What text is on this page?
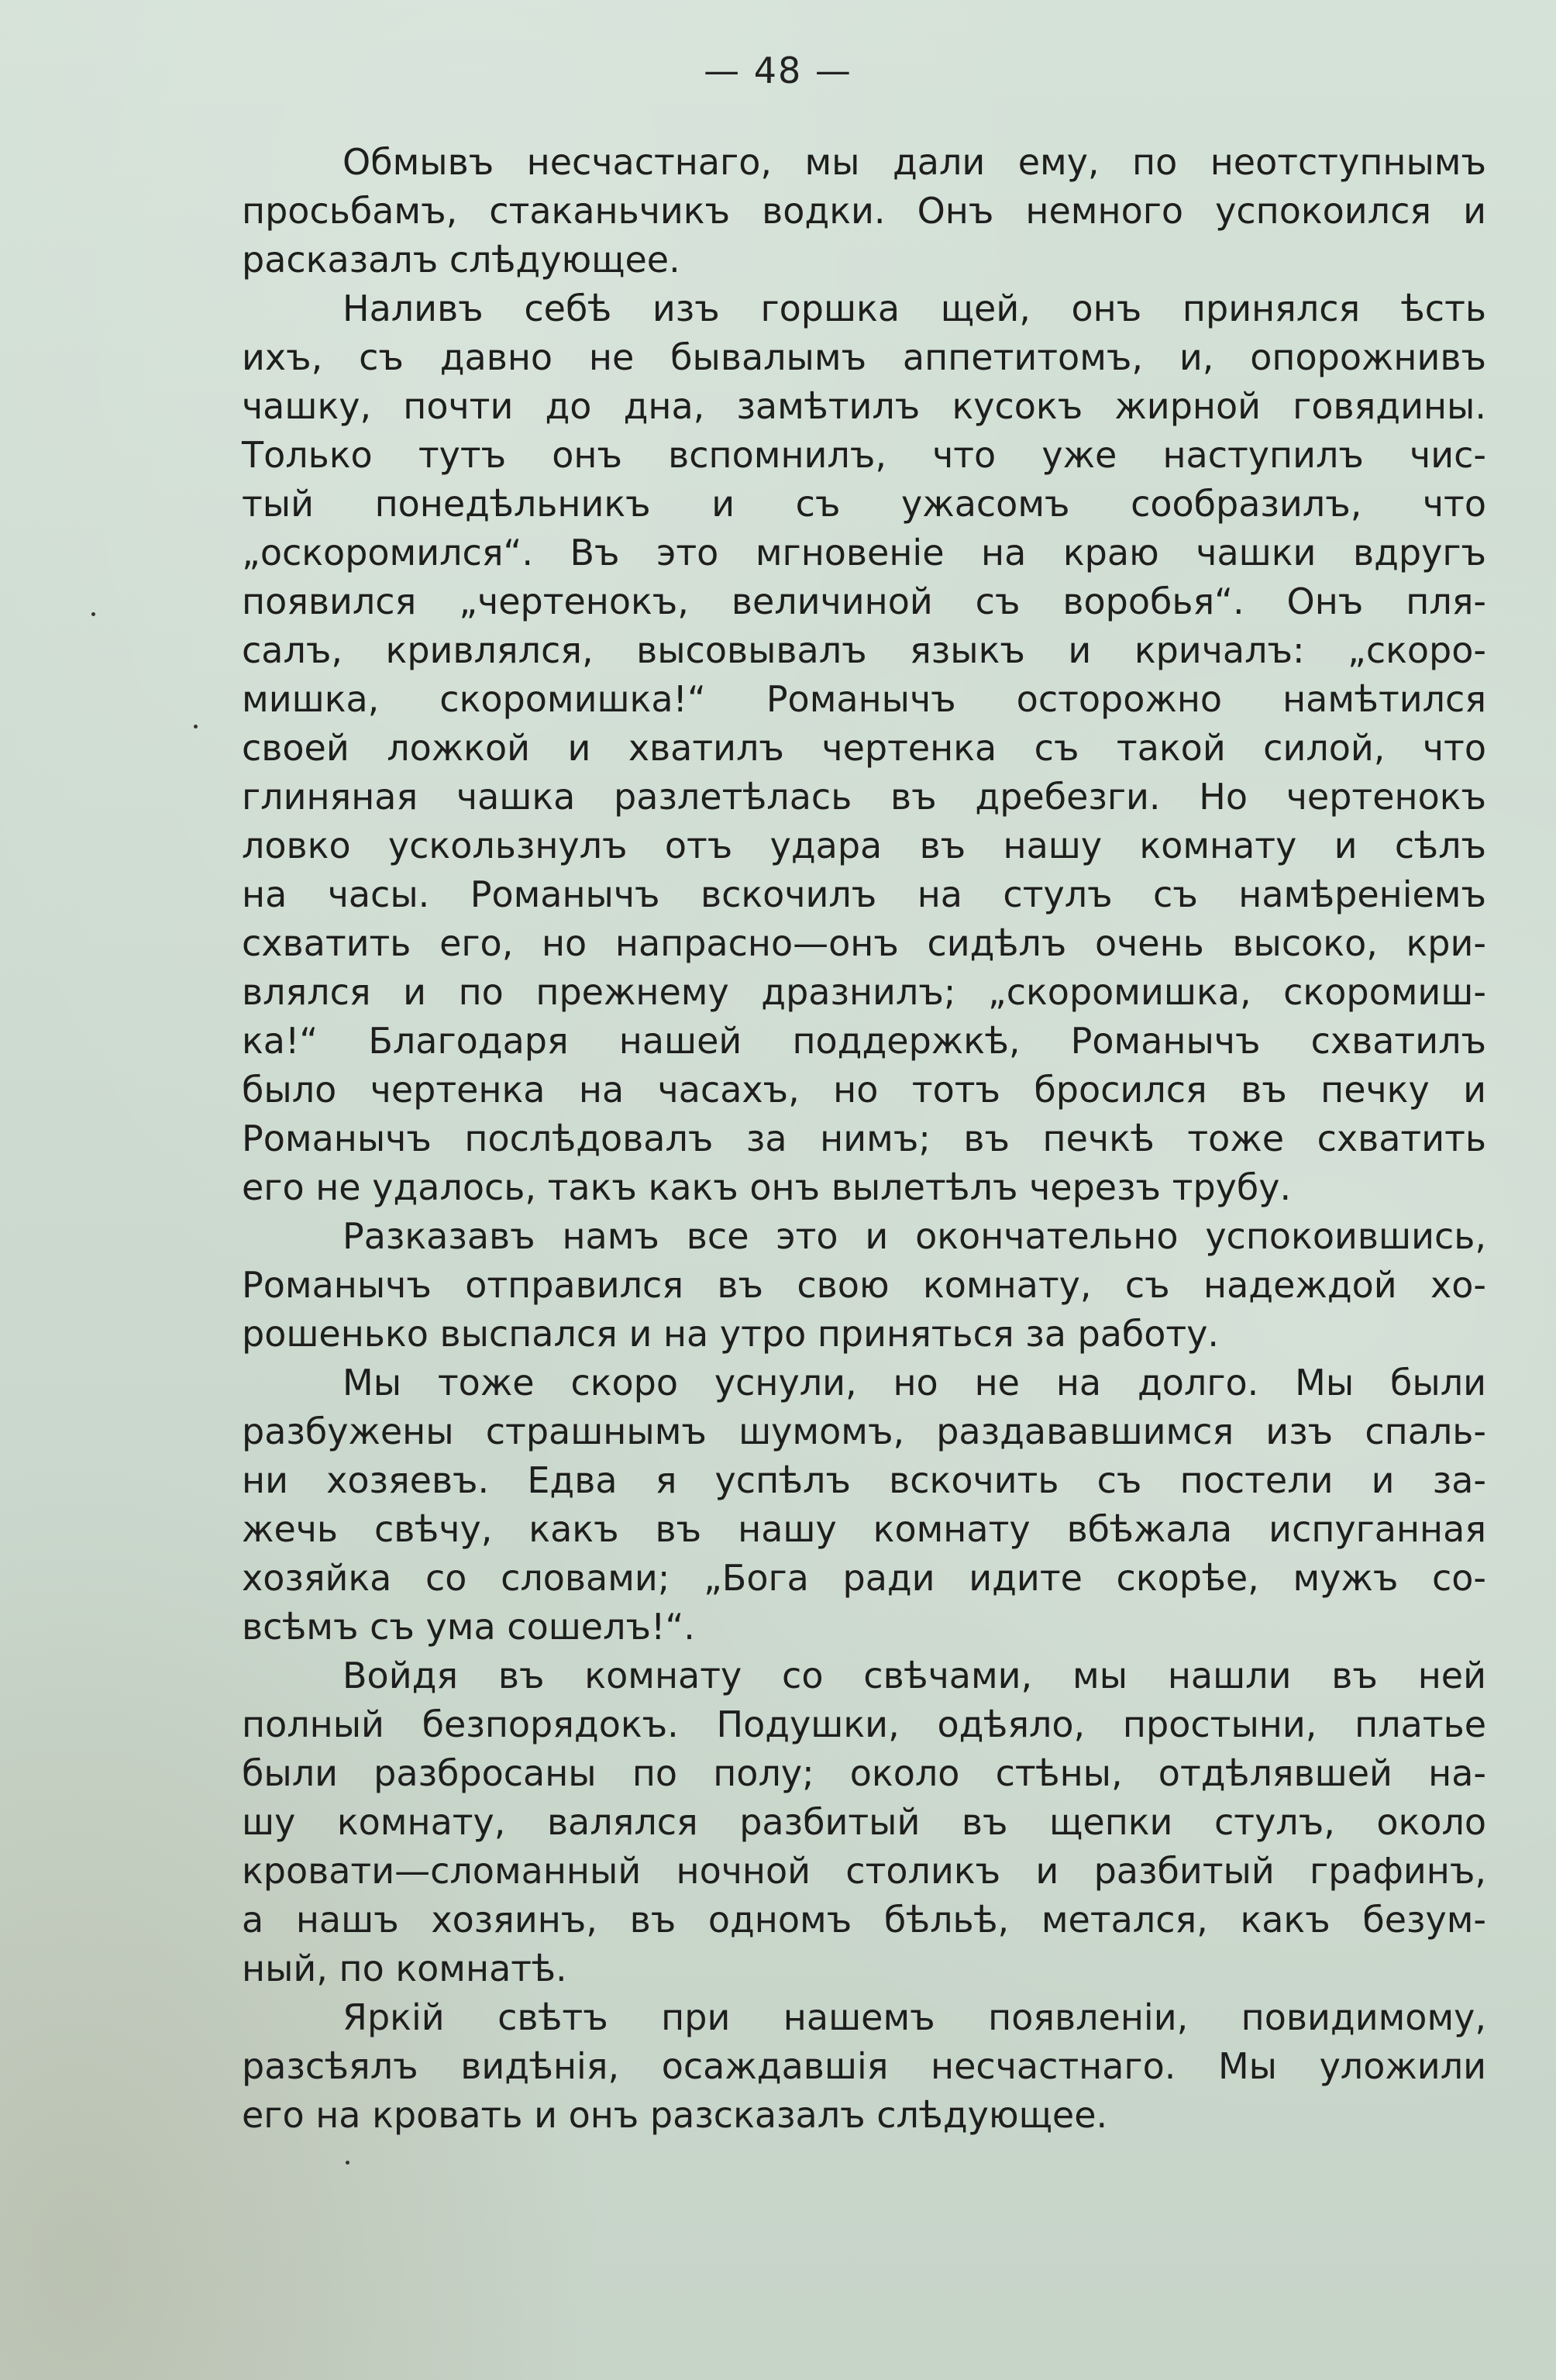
— 48 —
Обмывъ несчастнаго, мы дали ему, по неотступнымъ
просьбамъ, стаканьчикъ водки. Онъ немного успокоился и
расказалъ слѣдующее.
Наливъ себѣ изъ горшка щей, онъ принялся ѣсть
ихъ, съ давно не бывалымъ аппетитомъ, и, опорожнивъ
чашку, почти до дна, замѣтилъ кусокъ жирной говядины.
Только тутъ онъ вспомнилъ, что уже наступилъ чис-
тый понедѣльникъ и съ ужасомъ сообразилъ, что
„оскоромился“. Въ это мгновеніе на краю чашки вдругъ
появился „чертенокъ, величиной съ воробья“. Онъ пля-
салъ, кривлялся, высовывалъ языкъ и кричалъ: „скоро-
мишка, скоромишка!“ Романычъ осторожно намѣтился
своей ложкой и хватилъ чертенка съ такой силой, что
глиняная чашка разлетѣлась въ дребезги. Но чертенокъ
ловко ускользнулъ отъ удара въ нашу комнату и сѣлъ
на часы. Романычъ вскочилъ на стулъ съ намѣреніемъ
схватить его, но напрасно—онъ сидѣлъ очень высоко, кри-
влялся и по прежнему дразнилъ; „скоромишка, скоромиш-
ка!“ Благодаря нашей поддержкѣ, Романычъ схватилъ
было чертенка на часахъ, но тотъ бросился въ печку и
Романычъ послѣдовалъ за нимъ; въ печкѣ тоже схватить
его не удалось, такъ какъ онъ вылетѣлъ черезъ трубу.
Разказавъ намъ все это и окончательно успокоившись,
Романычъ отправился въ свою комнату, съ надеждой хо-
рошенько выспался и на утро приняться за работу.
Мы тоже скоро уснули, но не на долго. Мы были
разбужены страшнымъ шумомъ, раздававшимся изъ спаль-
ни хозяевъ. Едва я успѣлъ вскочить съ постели и за-
жечь свѣчу, какъ въ нашу комнату вбѣжала испуганная
хозяйка со словами; „Бога ради идите скорѣе, мужъ со-
всѣмъ съ ума сошелъ!“.
Войдя въ комнату со свѣчами, мы нашли въ ней
полный безпорядокъ. Подушки, одѣяло, простыни, платье
были разбросаны по полу; около стѣны, отдѣлявшей на-
шу комнату, валялся разбитый въ щепки стулъ, около
кровати—сломанный ночной столикъ и разбитый графинъ,
а нашъ хозяинъ, въ одномъ бѣльѣ, метался, какъ безум-
ный, по комнатѣ.
Яркій свѣтъ при нашемъ появленіи, повидимому,
разсѣялъ видѣнія, осаждавшія несчастнаго. Мы уложили
его на кровать и онъ разсказалъ слѣдующее.
